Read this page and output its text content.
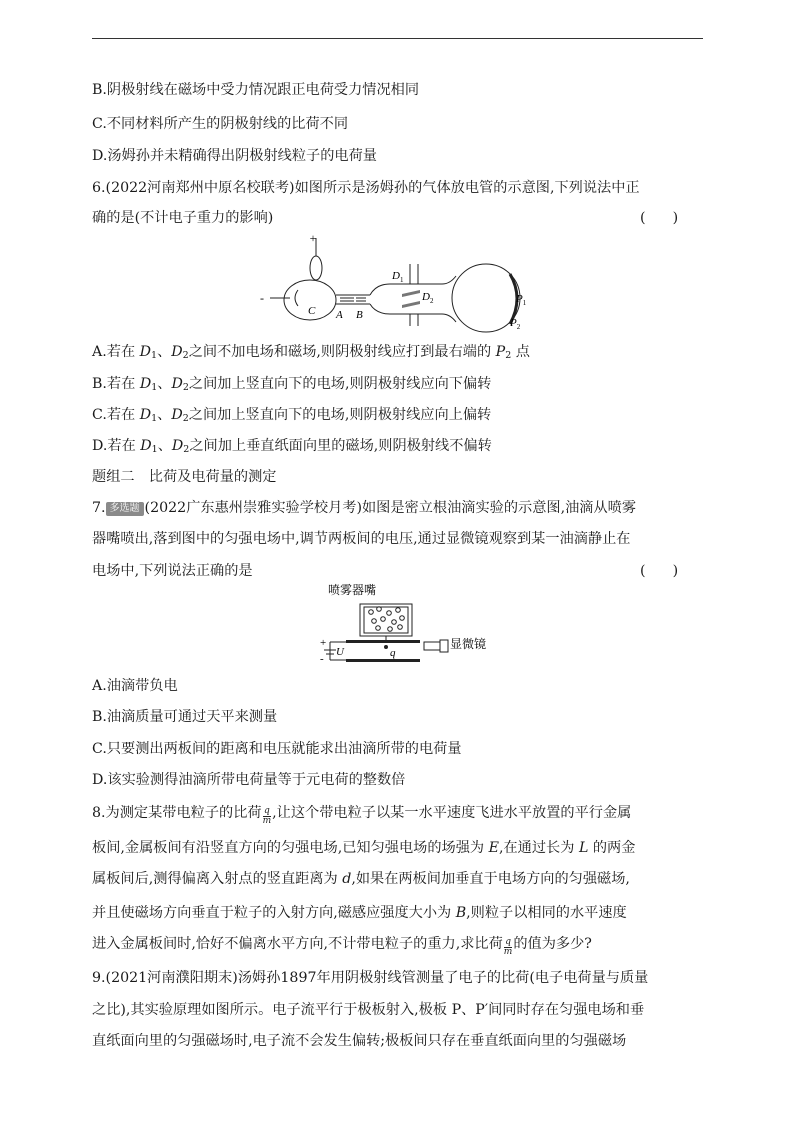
B.阴极射线在磁场中受力情况跟正电荷受力情况相同
C.不同材料所产生的阴极射线的比荷不同
D.汤姆孙并未精确得出阴极射线粒子的电荷量
6.(2022河南郑州中原名校联考)如图所示是汤姆孙的气体放电管的示意图,下列说法中正
确的是(不计电子重力的影响)	(      )
+
-
C A B
$D_1$
$D_2$	$P_1$
$P_2$
A.若在 $D_1$、$D_2$之间不加电场和磁场,则阴极射线应打到最右端的 $P_2$ 点
B.若在 $D_1$、$D_2$之间加上竖直向下的电场,则阴极射线应向下偏转
C.若在 $D_1$、$D_2$之间加上竖直向下的电场,则阴极射线应向上偏转
D.若在 $D_1$、$D_2$之间加上垂直纸面向里的磁场,则阴极射线不偏转
题组二　比荷及电荷量的测定
7. 多选题 (2022广东惠州崇雅实验学校月考)如图是密立根油滴实验的示意图,油滴从喷雾
器嘴喷出,落到图中的匀强电场中,调节两板间的电压,通过显微镜观察到某一油滴静止在
电场中,下列说法正确的是	(      )
喷雾器嘴
显微镜
+
-
U	q
A.油滴带负电
B.油滴质量可通过天平来测量
C.只要测出两板间的距离和电压就能求出油滴所带的电荷量
D.该实验测得油滴所带电荷量等于元电荷的整数倍
8.为测定某带电粒子的比荷 $\frac{q}{m}$ ,让这个带电粒子以某一水平速度飞进水平放置的平行金属
板间,金属板间有沿竖直方向的匀强电场,已知匀强电场的场强为 E,在通过长为 L 的两金
属板间后,测得偏离入射点的竖直距离为 d,如果在两板间加垂直于电场方向的匀强磁场,
并且使磁场方向垂直于粒子的入射方向,磁感应强度大小为 B,则粒子以相同的水平速度
进入金属板间时,恰好不偏离水平方向,不计带电粒子的重力,求比荷 $\frac{q}{m}$ 的值为多少?
9.(2021河南濮阳期末)汤姆孙1897年用阴极射线管测量了电子的比荷(电子电荷量与质量
之比),其实验原理如图所示。电子流平行于极板射入,极板 P、P′间同时存在匀强电场和垂
直纸面向里的匀强磁场时,电子流不会发生偏转;极板间只存在垂直纸面向里的匀强磁场
